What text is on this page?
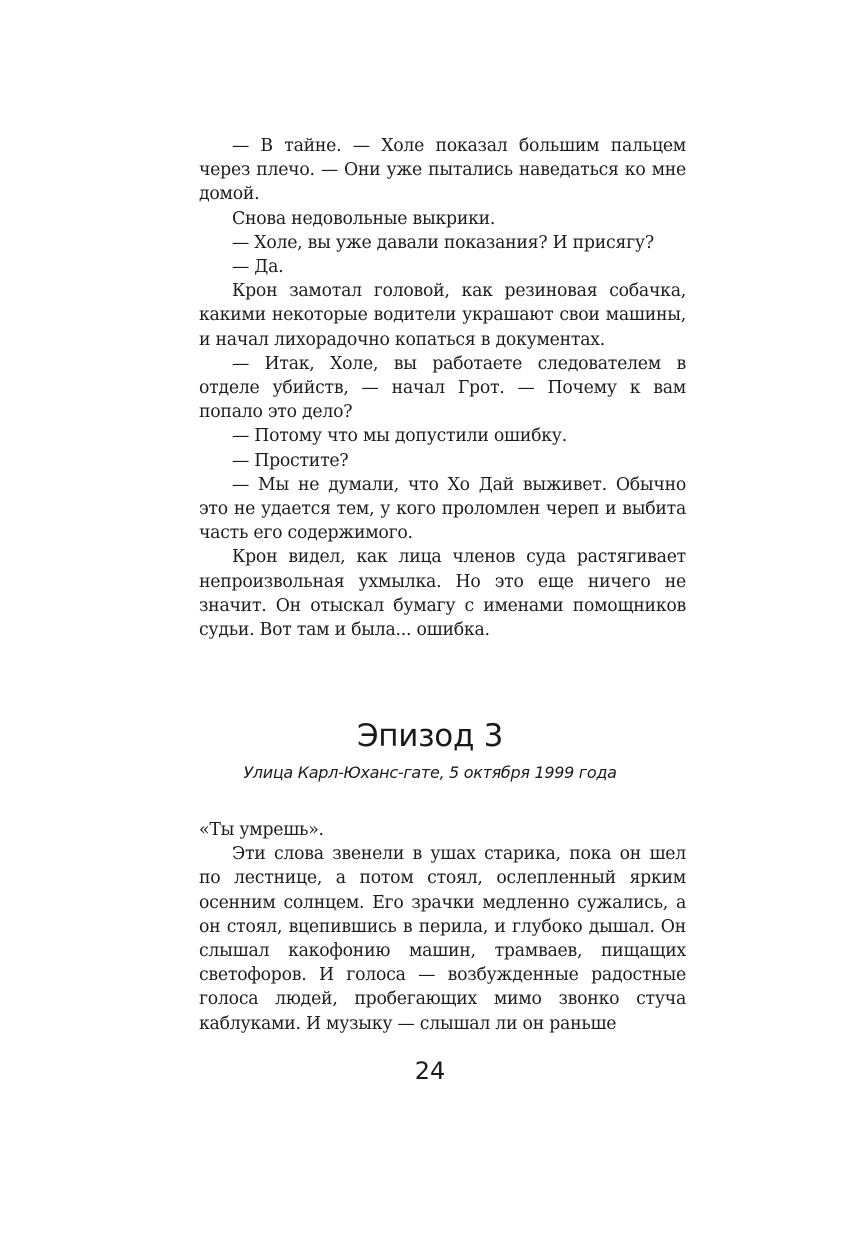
— В тайне. — Холе показал большим пальцем через плечо. — Они уже пытались наведаться ко мне домой.

Снова недовольные выкрики.

— Холе, вы уже давали показания? И присягу?

— Да.

Крон замотал головой, как резиновая собачка, какими некоторые водители украшают свои машины, и начал лихорадочно копаться в документах.

— Итак, Холе, вы работаете следователем в отделе убийств, — начал Грот. — Почему к вам попало это дело?

— Потому что мы допустили ошибку.

— Простите?

— Мы не думали, что Хо Дай выживет. Обычно это не удается тем, у кого проломлен череп и выбита часть его содержимого.

Крон видел, как лица членов суда растягивает непроизвольная ухмылка. Но это еще ничего не значит. Он отыскал бумагу с именами помощников судьи. Вот там и была... ошибка.

Эпизод 3
Улица Карл-Юханс-гате, 5 октября 1999 года

«Ты умрешь».

Эти слова звенели в ушах старика, пока он шел по лестнице, а потом стоял, ослепленный ярким осенним солнцем. Его зрачки медленно сужались, а он стоял, вцепившись в перила, и глубоко дышал. Он слышал какофонию машин, трамваев, пищащих светофоров. И голоса — возбужденные радостные голоса людей, пробегающих мимо звонко стуча каблуками. И музыку — слышал ли он раньше

24
